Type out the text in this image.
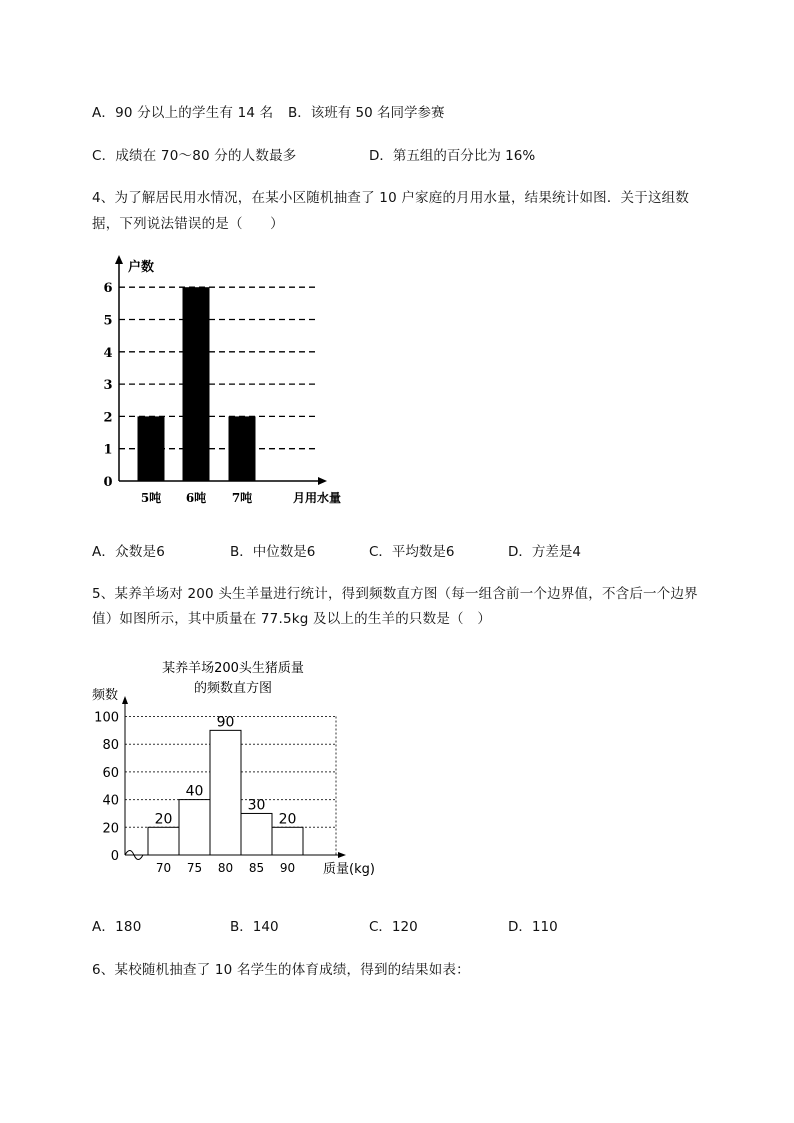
A．90 分以上的学生有 14 名 B．该班有 50 名同学参赛
C．成绩在 70～80 分的人数最多	D．第五组的百分比为 16%
4、为了解居民用水情况，在某小区随机抽查了 10 户家庭的月用水量，结果统计如图．关于这组数
据，下列说法错误的是（　　）
户数
月用水量
0
1
2
3
4
5
6
5吨 6吨 7吨
A．众数是6	B．中位数是6	C．平均数是6	D．方差是4
5、某养羊场对 200 头生羊量进行统计，得到频数直方图（每一组含前一个边界值，不含后一个边界
值）如图所示，其中质量在 77.5kg 及以上的生羊的只数是（　）
某养羊场200头生猪质量
的频数直方图
频数
质量(kg)
20
40
90
30
20
0
20
40
60
80
100
70 75 80 85 90
A．180	B．140	C．120	D．110
6、某校随机抽查了 10 名学生的体育成绩，得到的结果如表：
